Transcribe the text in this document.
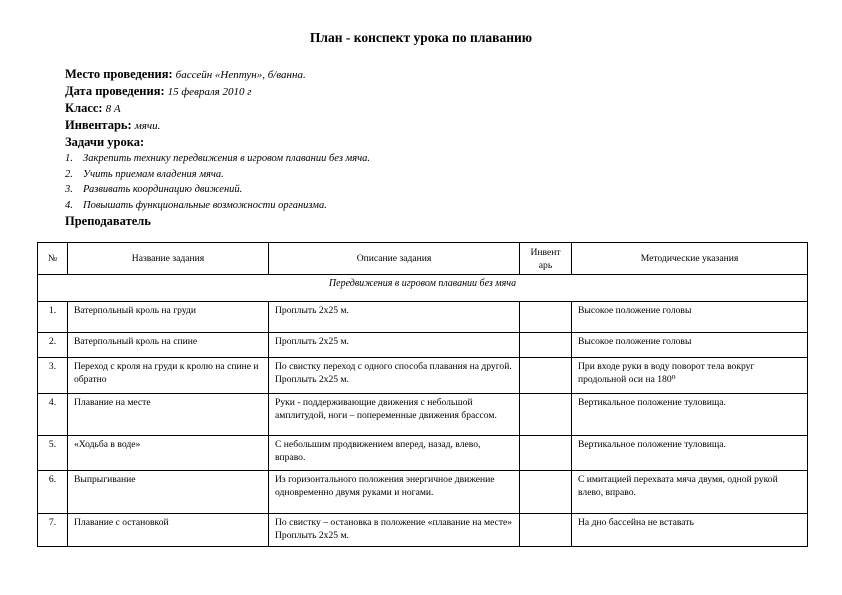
План - конспект урока по плаванию
Место проведения: бассейн «Нептун», б/ванна.
Дата проведения: 15 февраля 2010 г
Класс: 8 А
Инвентарь: мячи.
Задачи урока:
1. Закрепить технику передвижения в игровом плавании без мяча.
2. Учить приемам владения мяча.
3. Развивать координацию движений.
4. Повышать функциональные возможности организма.
Преподаватель
№	Название задания	Описание задания	Инвент арь	Методические указания
Передвижения в игровом плавании без мяча				
1.	Ватерпольный кроль на груди	Проплыть 2х25 м.		Высокое положение головы
2.	Ватерпольный кроль на спине	Проплыть 2х25 м.		Высокое положение головы
3.	Переход с кроля на груди к кролю на спине и обратно	По свистку переход с одного способа плавания на другой. Проплыть 2х25 м.		При входе руки в воду поворот тела вокруг продольной оси на 180⁰
4.	Плавание на месте	Руки - поддерживающие движения с небольшой амплитудой, ноги – попеременные движения брассом.		Вертикальное положение туловища.
5.	«Ходьба в воде»	С небольшим продвижением вперед, назад, влево, вправо.		Вертикальное положение туловища.
6.	Выпрыгивание	Из горизонтального положения энергичное движение одновременно двумя руками и ногами.		С имитацией перехвата мяча двумя, одной рукой влево, вправо.
7.	Плавание с остановкой	По свистку – остановка в положение «плавание на месте» Проплыть 2х25 м.		На дно бассейна не вставать
